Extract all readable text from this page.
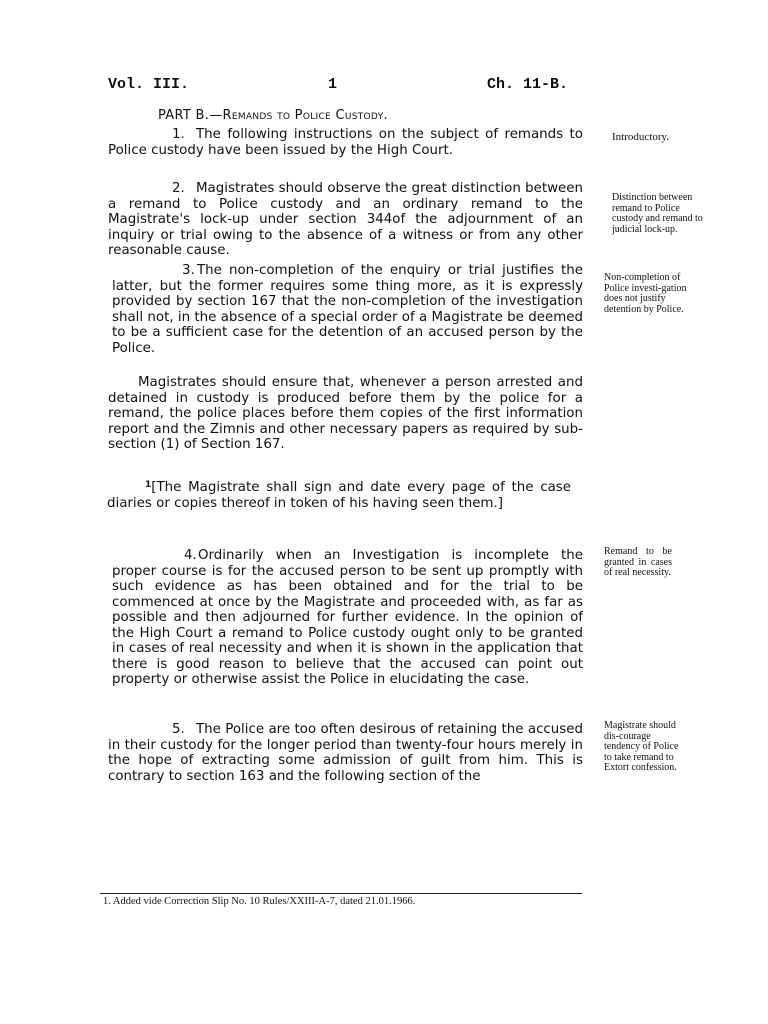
Vol. III.	1	Ch. 11-B.
PART B.—Remands to Police Custody.

1. The following instructions on the subject of remands to Police custody have been issued by the High Court.

2. Magistrates should observe the great distinction between a remand to Police custody and an ordinary remand to the Magistrate's lock-up under section 344of the adjournment of an inquiry or trial owing to the absence of a witness or from any other reasonable cause.

3. The non-completion of the enquiry or trial justifies the latter, but the former requires some thing more, as it is expressly provided by section 167 that the non-completion of the investigation shall not, in the absence of a special order of a Magistrate be deemed to be a sufficient case for the detention of an accused person by the Police.

Magistrates should ensure that, whenever a person arrested and detained in custody is produced before them by the police for a remand, the police places before them copies of the first information report and the Zimnis and other necessary papers as required by sub-section (1) of Section 167.

$^1$[The Magistrate shall sign and date every page of the case diaries or copies thereof in token of his having seen them.]

4.Ordinarily when an Investigation is incomplete the proper course is for the accused person to be sent up promptly with such evidence as has been obtained and for the trial to be commenced at once by the Magistrate and proceeded with, as far as possible and then adjourned for further evidence. In the opinion of the High Court a remand to Police custody ought only to be granted in cases of real necessity and when it is shown in the application that there is good reason to believe that the accused can point out property or otherwise assist the Police in elucidating the case.

5. The Police are too often desirous of retaining the accused in their custody for the longer period than twenty-four hours merely in the hope of extracting some admission of guilt from him. This is contrary to section 163 and the following section of the

Introductory.

Distinction between remand to Police custody and remand to judicial lock-up.

Non-completion of Police investi-gation does not justify detention by Police.

Remand to be granted in cases of real necessity.

Magistrate should dis-courage tendency of Police to take remand to Extort confession.

1. Added vide Correction Slip No. 10 Rules/XXIII-A-7, dated 21.01.1966.
